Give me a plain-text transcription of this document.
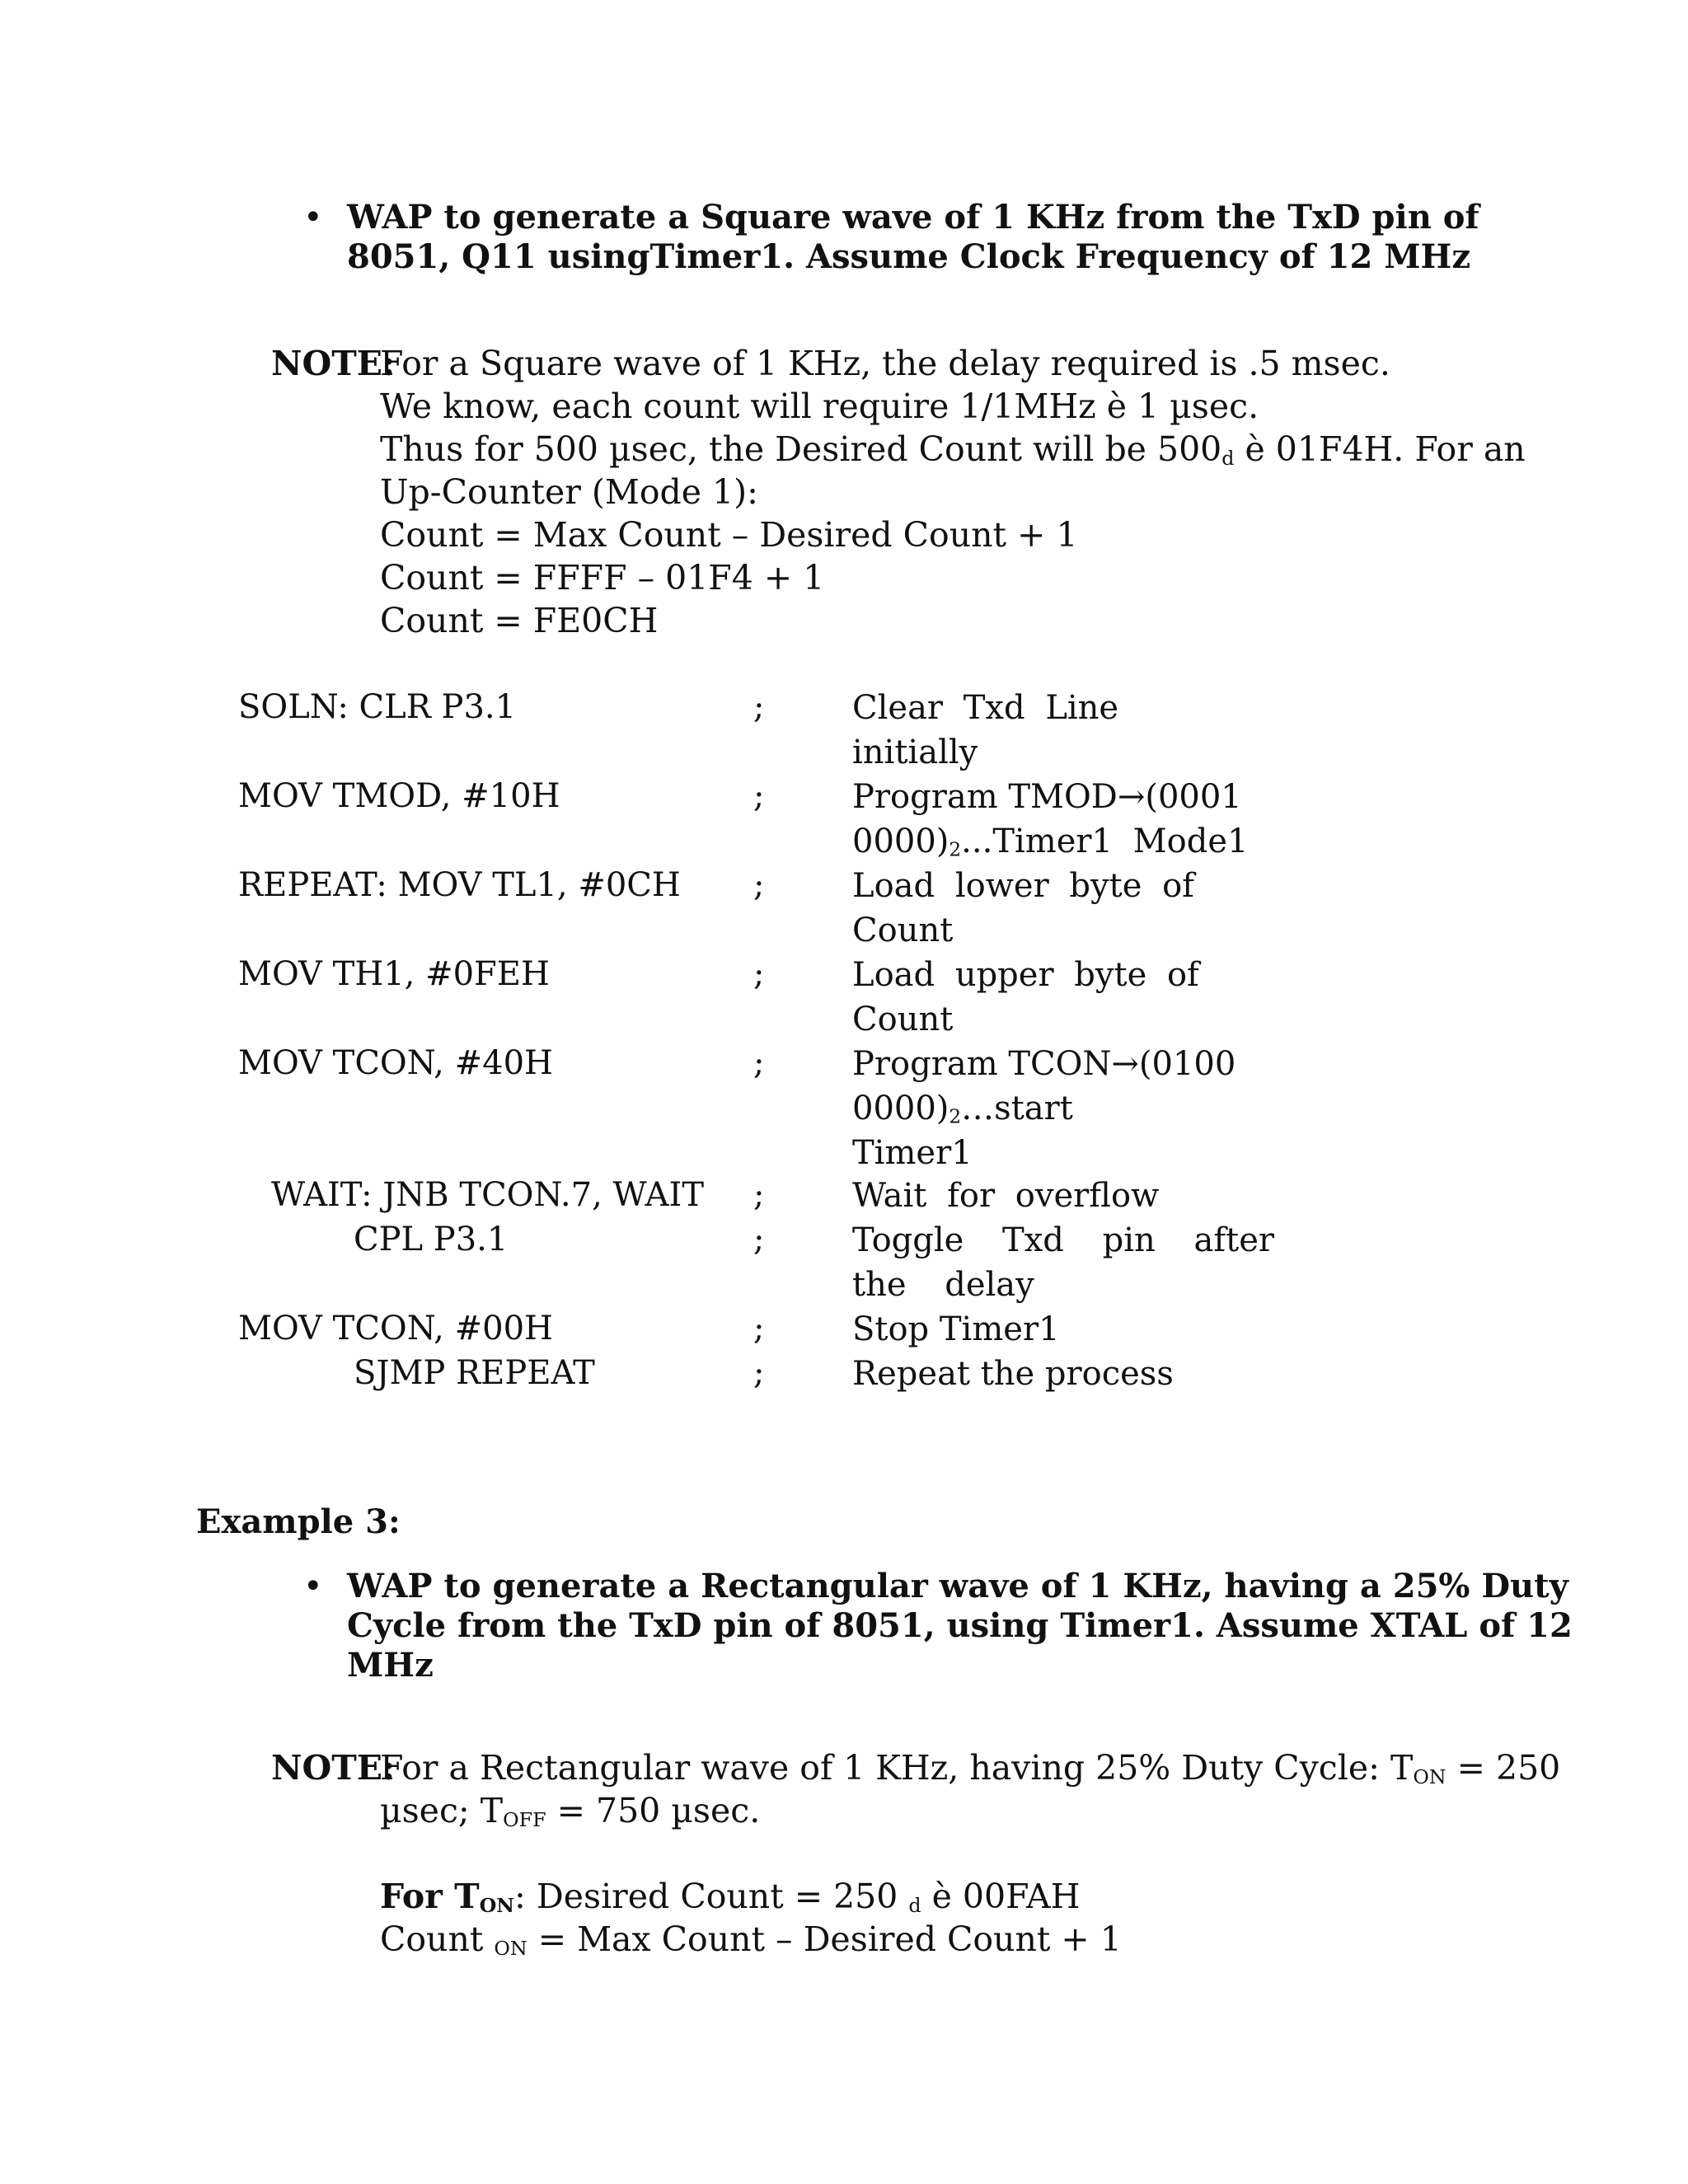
• WAP to generate a Square wave of 1 KHz from the TxD pin of
8051, Q11 usingTimer1. Assume Clock Frequency of 12 MHz
NOTE:
For a Square wave of 1 KHz, the delay required is .5 msec.
We know, each count will require 1/1MHz è 1 µsec.
Thus for 500 µsec, the Desired Count will be $500_d$ è 01F4H. For an
Up-Counter (Mode 1):
Count = Max Count – Desired Count + 1
Count = FFFF – 01F4 + 1
Count = FE0CH
SOLN: CLR P3.1	;	Clear Txd Line
initially
MOV TMOD, #10H	;	Program TMOD→(0001
$0000)_2...Timer1$ Mode1
REPEAT: MOV TL1, #0CH ;	Load lower byte of
Count
MOV TH1, #0FEH	;	Load upper byte of
Count
MOV TCON, #40H	;	Program TCON→(0100
$0000)_2\dots start$
Timer1
WAIT: JNB TCON.7, WAIT ;	Wait for overflow
CPL P3.1	;	Toggle Txd pin after
the delay
MOV TCON, #00H	;	Stop Timer1
SJMP REPEAT	;	Repeat the process
Example 3:
• WAP to generate a Rectangular wave of 1 KHz, having a 25% Duty
Cycle from the TxD pin of 8051, using Timer1. Assume XTAL of 12
MHz
NOTE:
For a Rectangular wave of 1 KHz, having 25% Duty Cycle: $T_{ON} = 250$
µsec; $T_{OFF} = 750$ µsec.
For $T_{ON}$: Desired Count = 250 $_d$ è 00FAH
Count $_{ON}$ = Max Count – Desired Count + 1
